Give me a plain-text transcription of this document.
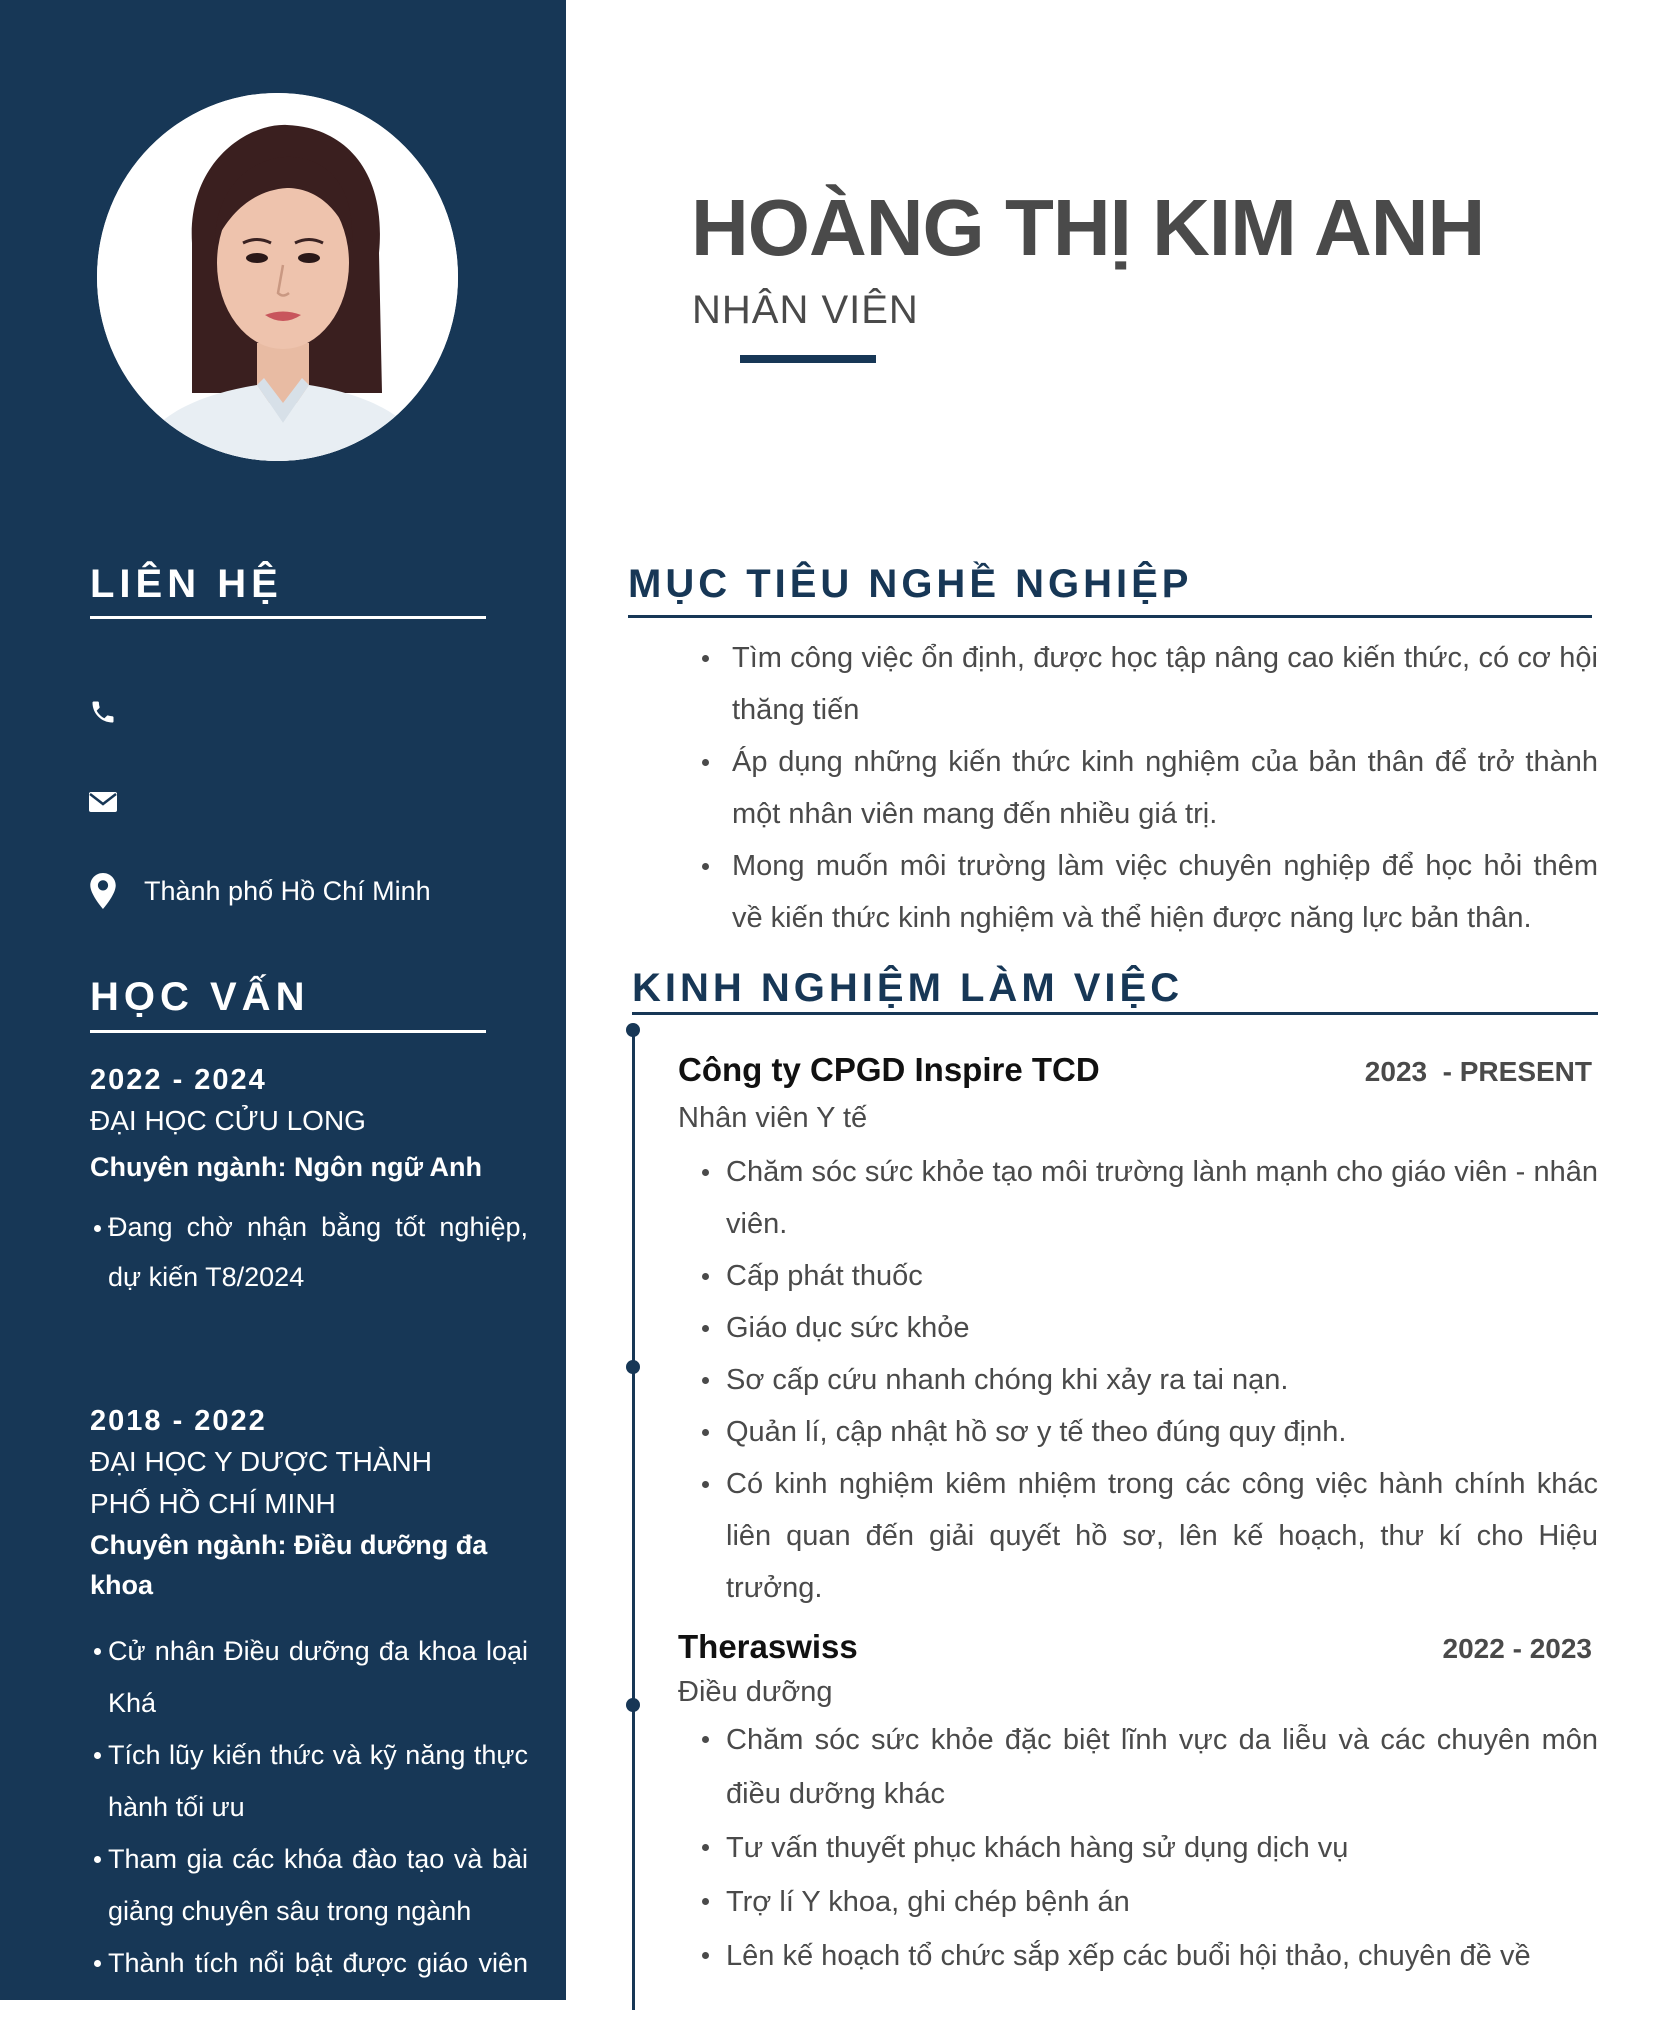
LIÊN HỆ
Thành phố Hồ Chí Minh
HỌC VẤN
2022 - 2024
ĐẠI HỌC CỬU LONG
Chuyên ngành: Ngôn ngữ Anh
Đang chờ nhận bằng tốt nghiệp, dự kiến T8/2024
2018 - 2022
ĐẠI HỌC Y DƯỢC THÀNH PHỐ HỒ CHÍ MINH
Chuyên ngành: Điều dưỡng đa khoa
Cử nhân Điều dưỡng đa khoa loại Khá
Tích lũy kiến thức và kỹ năng thực hành tối ưu
Tham gia các khóa đào tạo và bài giảng chuyên sâu trong ngành
Thành tích nổi bật được giáo viên và đồng nghiệp đánh giá cao
HOÀNG THỊ KIM ANH
NHÂN VIÊN
MỤC TIÊU NGHỀ NGHIỆP
Tìm công việc ổn định, được học tập nâng cao kiến thức, có cơ hội thăng tiến
Áp dụng những kiến thức kinh nghiệm của bản thân để trở thành một nhân viên mang đến nhiều giá trị.
Mong muốn môi trường làm việc chuyên nghiệp để học hỏi thêm về kiến thức kinh nghiệm và thể hiện được năng lực bản thân.
KINH NGHIỆM LÀM VIỆC
Công ty CPGD Inspire TCD	2023  - PRESENT
Nhân viên Y tế
Chăm sóc sức khỏe tạo môi trường lành mạnh cho giáo viên - nhân viên.
Cấp phát thuốc
Giáo dục sức khỏe
Sơ cấp cứu nhanh chóng khi xảy ra tai nạn.
Quản lí, cập nhật hồ sơ y tế theo đúng quy định.
Có kinh nghiệm kiêm nhiệm trong các công việc hành chính khác liên quan đến giải quyết hồ sơ, lên kế hoạch, thư kí cho Hiệu trưởng.
Theraswiss	2022 - 2023
Điều dưỡng
Chăm sóc sức khỏe đặc biệt lĩnh vực da liễu và các chuyên môn điều dưỡng khác
Tư vấn thuyết phục khách hàng sử dụng dịch vụ
Trợ lí Y khoa, ghi chép bệnh án
Lên kế hoạch tổ chức sắp xếp các buổi hội thảo, chuyên đề về
